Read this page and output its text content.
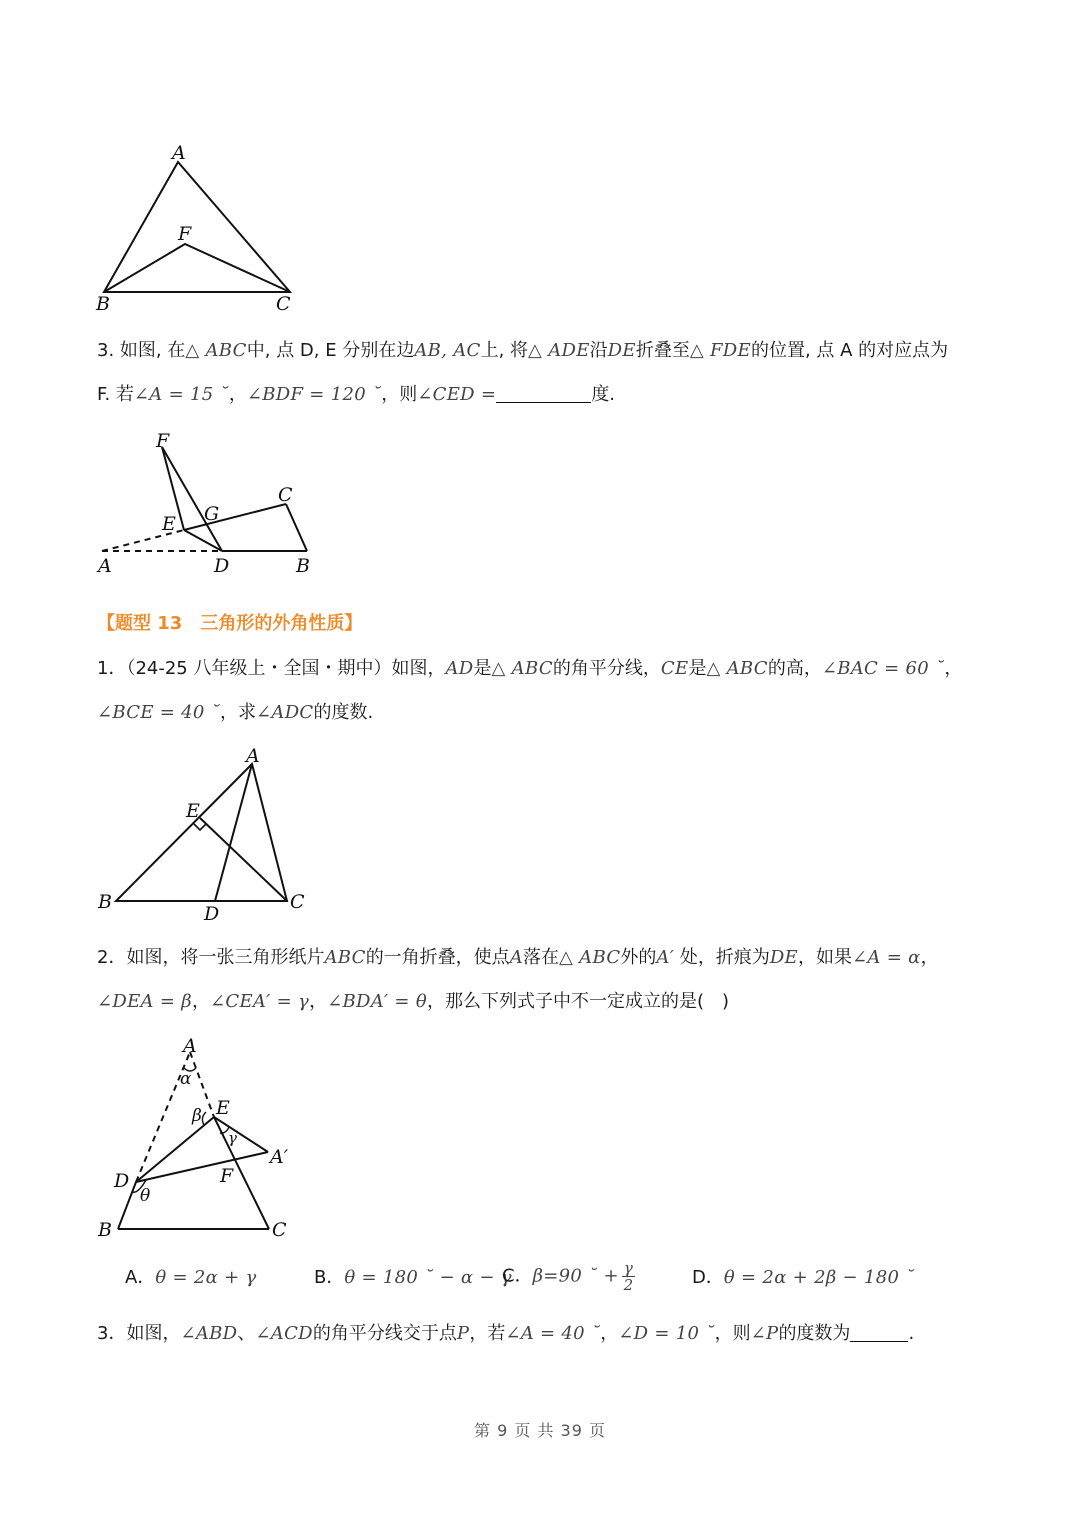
A
F
B	C
3. 如图, 在△ ABC中, 点 D, E 分别在边AB, AC上, 将△ ADE沿DE折叠至△ FDE的位置, 点 A 的对应点为
F. 若∠A = 15 ˘，∠BDF = 120 ˘，则∠CED =	度.
F
C
G
E
A	D	B
【题型 13　三角形的外角性质】
1．（24-25 八年级上・全国・期中）如图，AD是△ ABC的角平分线，CE是△ ABC的高，∠BAC = 60 ˘，
∠BCE = 40 ˘，求∠ADC的度数.
A
E
B
D
C
2．如图，将一张三角形纸片ABC的一角折叠，使点A落在△ ABC外的A′ 处，折痕为DE，如果∠A = α，
∠DEA = β，∠CEA′ = γ，∠BDA′ = θ，那么下列式子中不一定成立的是(　)
A
α
β E
γ
A′
F
D
θ
B	C
A．θ = 2α + γ	B．θ = 180 ˘ − α − γ
C．β=90 ˘ + $\frac{\gamma}{2}$	D．θ = 2α + 2β − 180 ˘
3．如图，∠ABD、∠ACD的角平分线交于点P，若∠A = 40 ˘，∠D = 10 ˘，则∠P的度数为	.
第 9 页 共 39 页
